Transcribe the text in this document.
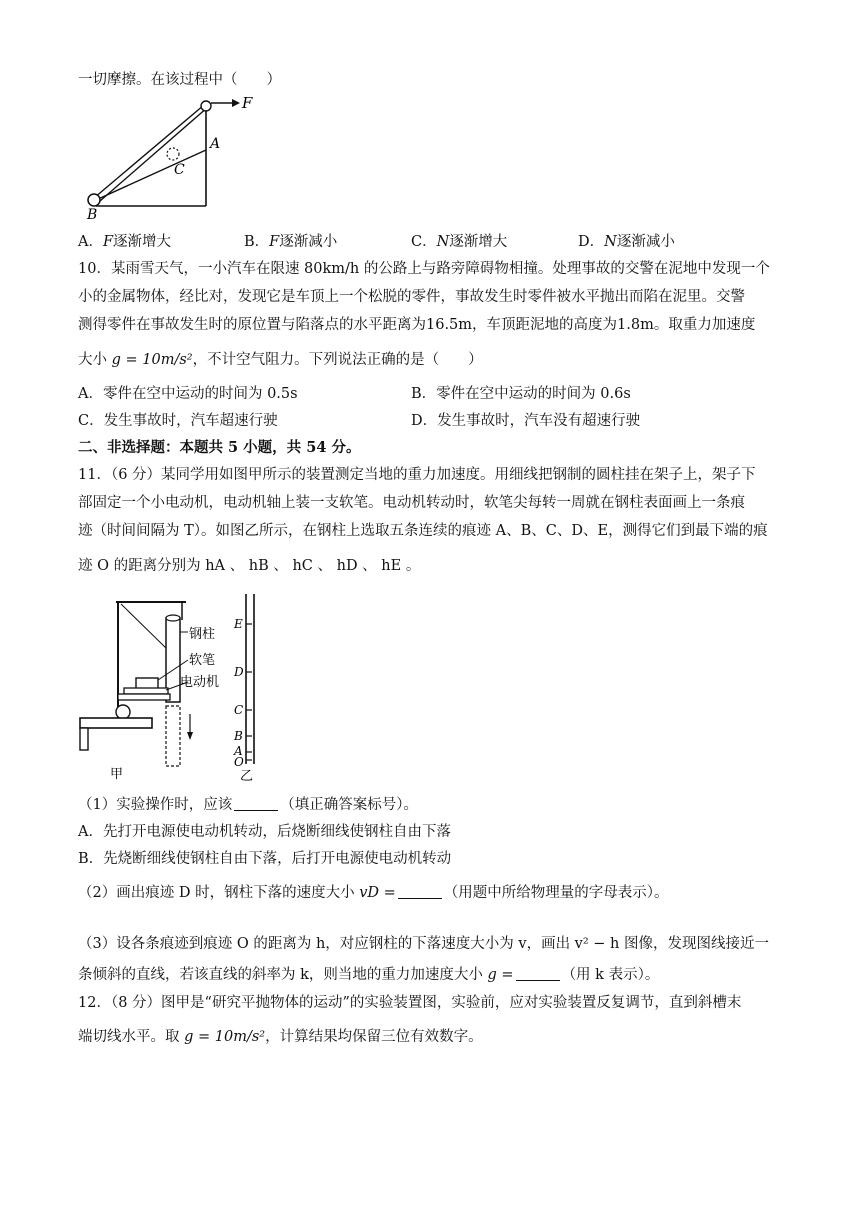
一切摩擦。在该过程中（　　）
F
A
C
B
A．F逐渐增大	B．F逐渐减小	C．N逐渐增大	D．N逐渐减小
10．某雨雪天气，一小汽车在限速 80km/h 的公路上与路旁障碍物相撞。处理事故的交警在泥地中发现一个
小的金属物体，经比对，发现它是车顶上一个松脱的零件，事故发生时零件被水平抛出而陷在泥里。交警
测得零件在事故发生时的原位置与陷落点的水平距离为16.5m，车顶距泥地的高度为1.8m。取重力加速度
大小 g = 10m/s²，不计空气阻力。下列说法正确的是（　　）
A．零件在空中运动的时间为 0.5s	B．零件在空中运动的时间为 0.6s
C．发生事故时，汽车超速行驶	D．发生事故时，汽车没有超速行驶
二、非选择题：本题共 5 小题，共 54 分。
11．（6 分）某同学用如图甲所示的装置测定当地的重力加速度。用细线把钢制的圆柱挂在架子上，架子下
部固定一个小电动机，电动机轴上装一支软笔。电动机转动时，软笔尖每转一周就在钢柱表面画上一条痕
迹（时间间隔为 T）。如图乙所示，在钢柱上选取五条连续的痕迹 A、B、C、D、E，测得它们到最下端的痕
迹 O 的距离分别为 hA 、 hB 、 hC 、 hD 、 hE 。
钢柱
软笔
电动机
甲
E
D
C
B
A
O
乙
（1）实验操作时，应该	（填正确答案标号）。
A．先打开电源使电动机转动，后烧断细线使钢柱自由下落
B．先烧断细线使钢柱自由下落，后打开电源使电动机转动
（2）画出痕迹 D 时，钢柱下落的速度大小 vD =	（用题中所给物理量的字母表示）。
（3）设各条痕迹到痕迹 O 的距离为 h，对应钢柱的下落速度大小为 v，画出 v² − h 图像，发现图线接近一
条倾斜的直线，若该直线的斜率为 k，则当地的重力加速度大小 g =	（用 k 表示）。
12．（8 分）图甲是“研究平抛物体的运动”的实验装置图，实验前，应对实验装置反复调节，直到斜槽末
端切线水平。取 g = 10m/s²，计算结果均保留三位有效数字。
